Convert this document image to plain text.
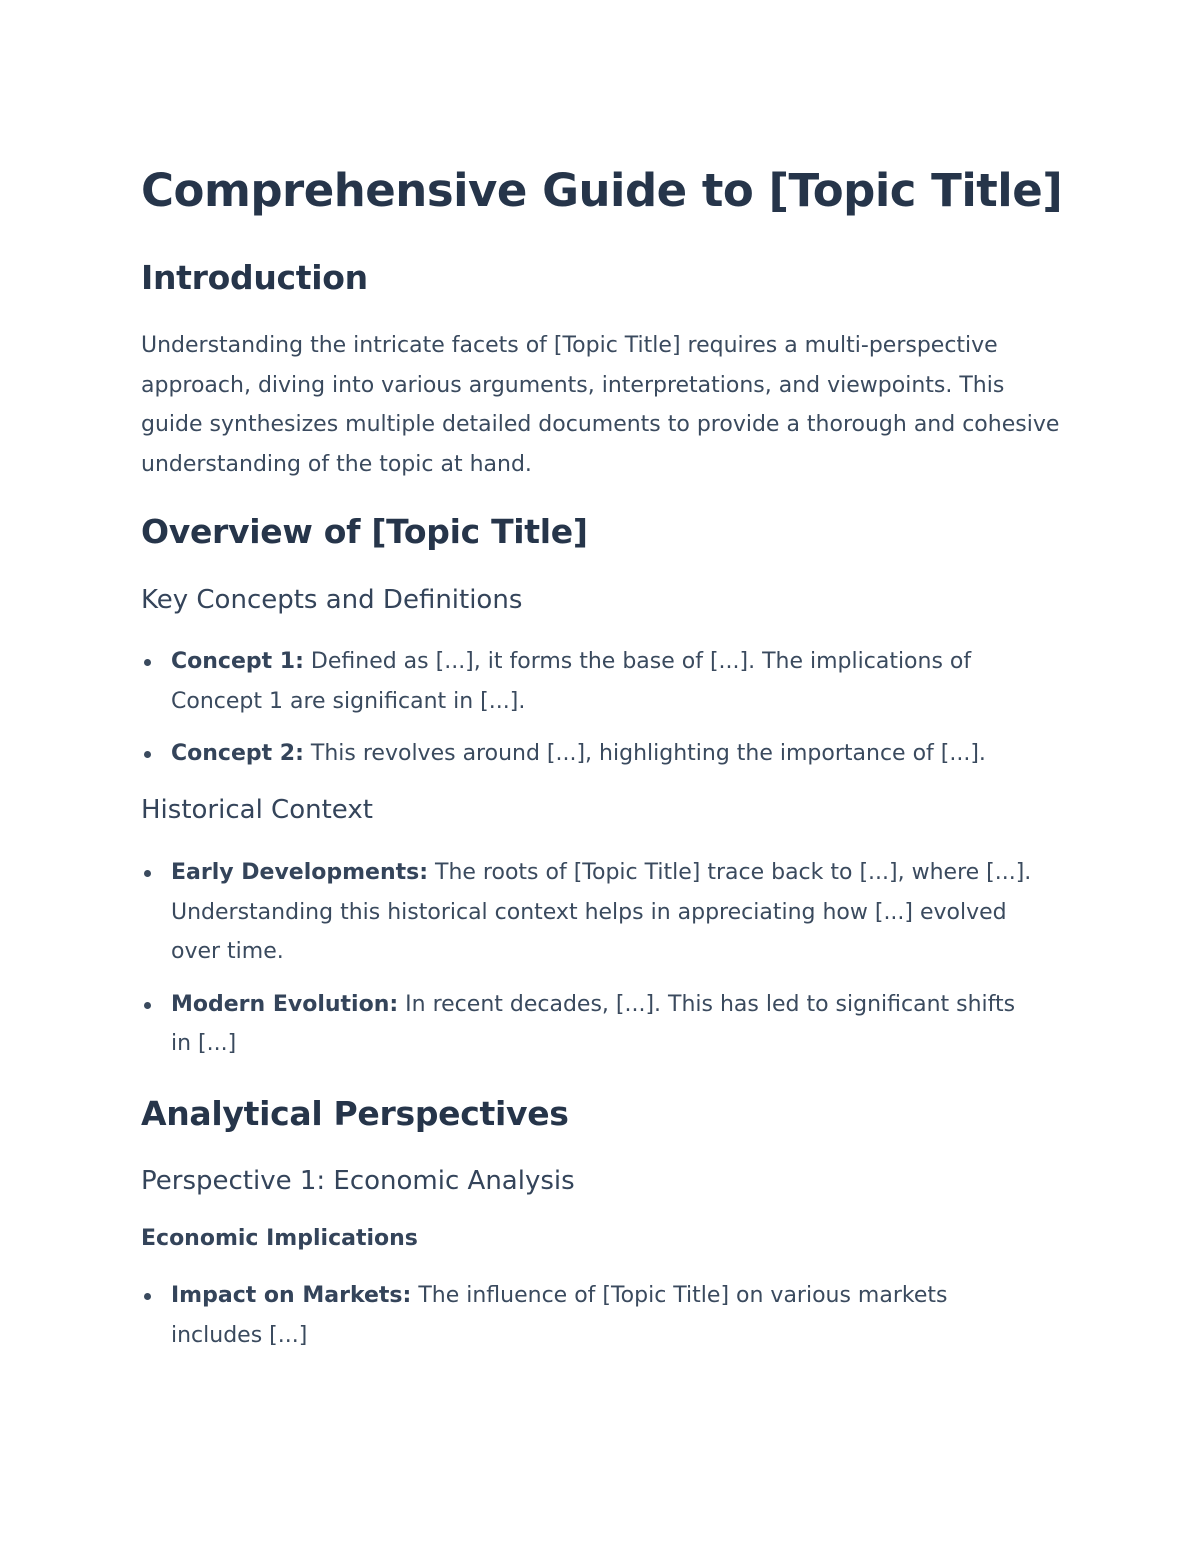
Comprehensive Guide to [Topic Title]
Introduction

Understanding the intricate facets of [Topic Title] requires a multi-perspective approach, diving into various arguments, interpretations, and viewpoints. This guide synthesizes multiple detailed documents to provide a thorough and cohesive understanding of the topic at hand.

Overview of [Topic Title]
Key Concepts and Definitions
Concept 1: Defined as [...], it forms the base of [...]. The implications of Concept 1 are significant in [...].
Concept 2: This revolves around [...], highlighting the importance of [...].
Historical Context
Early Developments: The roots of [Topic Title] trace back to [...], where [...]. Understanding this historical context helps in appreciating how [...] evolved over time.
Modern Evolution: In recent decades, [...]. This has led to significant shifts in [...]
Analytical Perspectives
Perspective 1: Economic Analysis
Economic Implications
Impact on Markets: The influence of [Topic Title] on various markets includes [...]
